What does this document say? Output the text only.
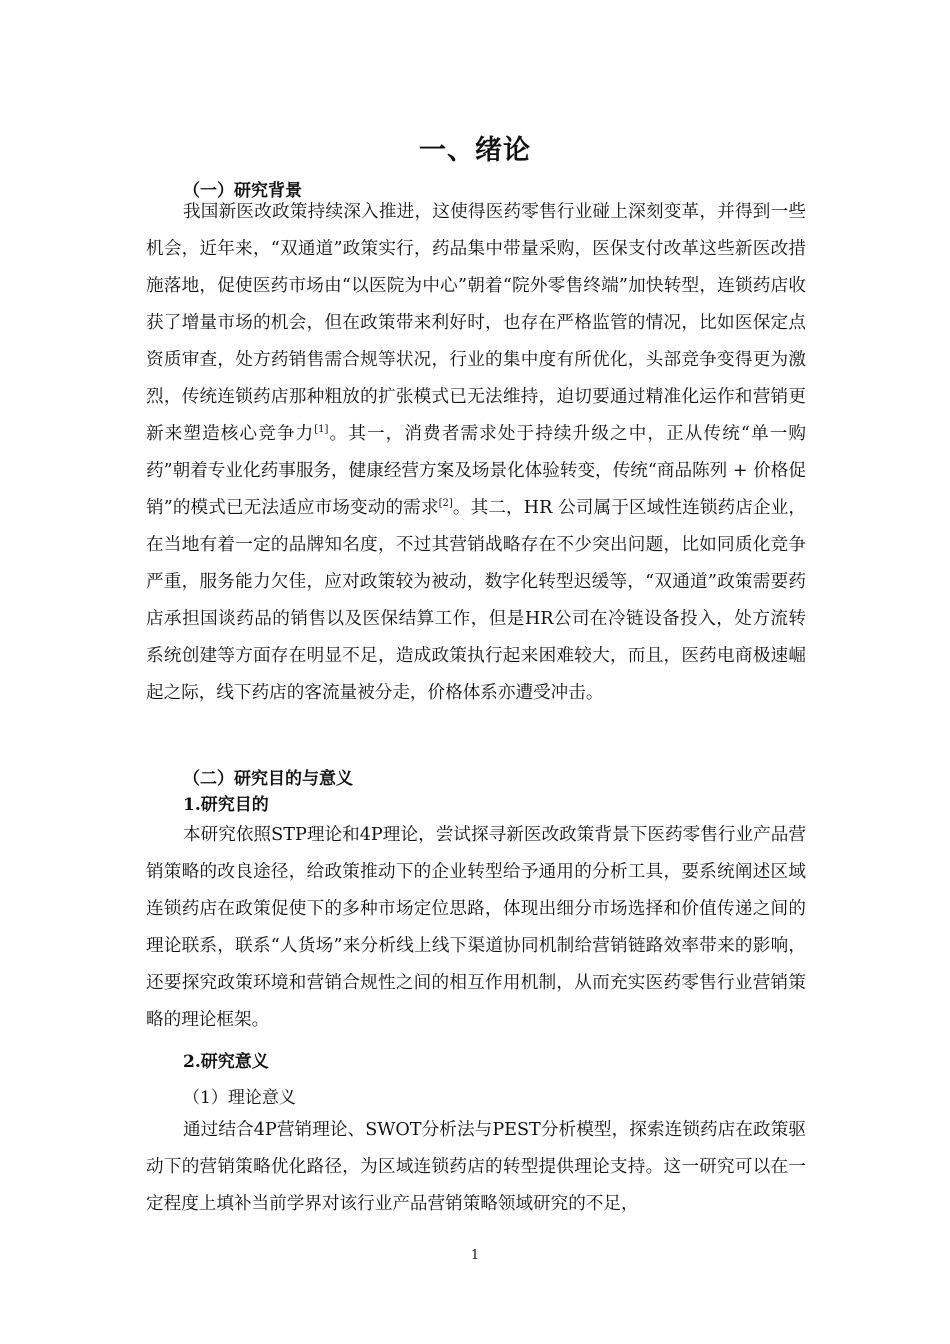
一、绪论
（一）研究背景

我国新医改政策持续深入推进，这使得医药零售行业碰上深刻变革，并得到一些机会，近年来，“双通道”政策实行，药品集中带量采购，医保支付改革这些新医改措施落地，促使医药市场由“以医院为中心”朝着“院外零售终端”加快转型，连锁药店收获了增量市场的机会，但在政策带来利好时，也存在严格监管的情况，比如医保定点资质审查，处方药销售需合规等状况，行业的集中度有所优化，头部竞争变得更为激烈，传统连锁药店那种粗放的扩张模式已无法维持，迫切要通过精准化运作和营销更新来塑造核心竞争力[1]。其一，消费者需求处于持续升级之中，正从传统“单一购药”朝着专业化药事服务，健康经营方案及场景化体验转变，传统“商品陈列 + 价格促销”的模式已无法适应市场变动的需求[2]。其二，HR 公司属于区域性连锁药店企业，在当地有着一定的品牌知名度，不过其营销战略存在不少突出问题，比如同质化竞争严重，服务能力欠佳，应对政策较为被动，数字化转型迟缓等，“双通道”政策需要药店承担国谈药品的销售以及医保结算工作，但是HR公司在冷链设备投入，处方流转系统创建等方面存在明显不足，造成政策执行起来困难较大，而且，医药电商极速崛起之际，线下药店的客流量被分走，价格体系亦遭受冲击。

（二）研究目的与意义
1.研究目的

本研究依照STP理论和4P理论，尝试探寻新医改政策背景下医药零售行业产品营销策略的改良途径，给政策推动下的企业转型给予通用的分析工具，要系统阐述区域连锁药店在政策促使下的多种市场定位思路，体现出细分市场选择和价值传递之间的理论联系，联系“人货场”来分析线上线下渠道协同机制给营销链路效率带来的影响，还要探究政策环境和营销合规性之间的相互作用机制，从而充实医药零售行业营销策略的理论框架。

2.研究意义
（1）理论意义

通过结合4P营销理论、SWOT分析法与PEST分析模型，探索连锁药店在政策驱动下的营销策略优化路径，为区域连锁药店的转型提供理论支持。这一研究可以在一定程度上填补当前学界对该行业产品营销策略领域研究的不足，

1
